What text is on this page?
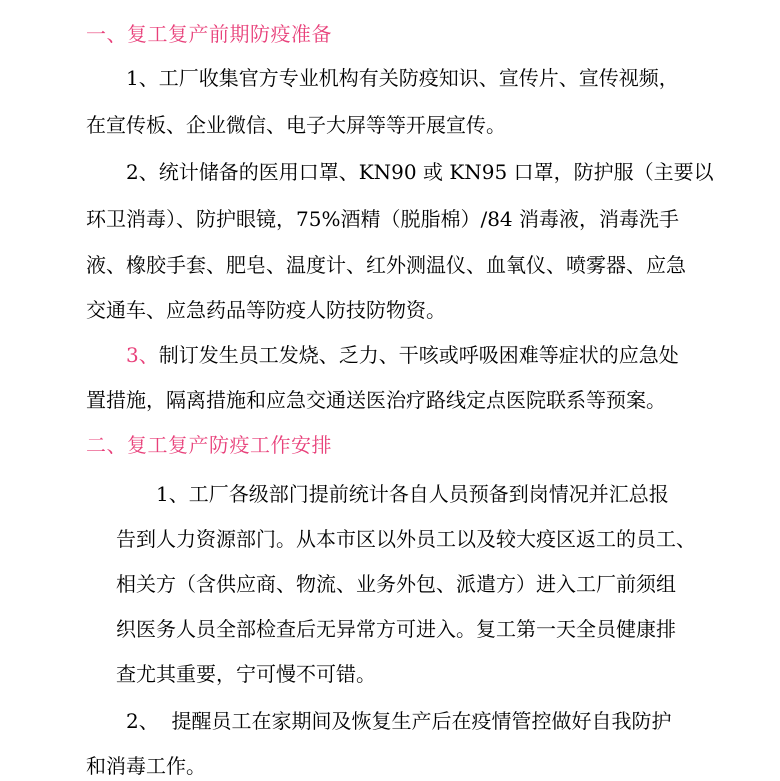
一、复工复产前期防疫准备
1、工厂收集官方专业机构有关防疫知识、宣传片、宣传视频，
在宣传板、企业微信、电子大屏等等开展宣传。
2、统计储备的医用口罩、KN90 或 KN95 口罩，防护服（主要以
环卫消毒）、防护眼镜，75%酒精（脱脂棉）/84 消毒液，消毒洗手
液、橡胶手套、肥皂、温度计、红外测温仪、血氧仪、喷雾器、应急
交通车、应急药品等防疫人防技防物资。
3、制订发生员工发烧、乏力、干咳或呼吸困难等症状的应急处
置措施，隔离措施和应急交通送医治疗路线定点医院联系等预案。
二、复工复产防疫工作安排
1、工厂各级部门提前统计各自人员预备到岗情况并汇总报
告到人力资源部门。从本市区以外员工以及较大疫区返工的员工、
相关方（含供应商、物流、业务外包、派遣方）进入工厂前须组
织医务人员全部检查后无异常方可进入。复工第一天全员健康排
查尤其重要，宁可慢不可错。
2、  提醒员工在家期间及恢复生产后在疫情管控做好自我防护
和消毒工作。
